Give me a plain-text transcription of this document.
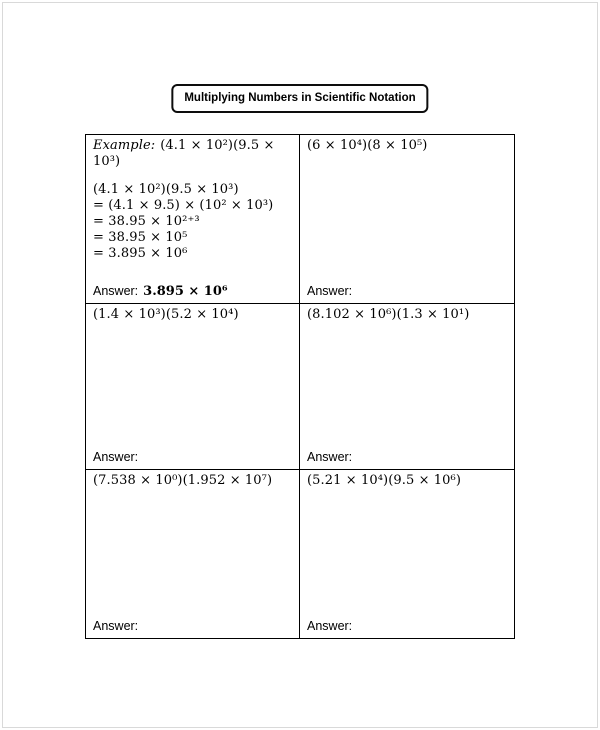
Multiplying Numbers in Scientific Notation
Example: (4.1 × 10²)(9.5 × 10³)
(4.1 × 10²)(9.5 × 10³)
= (4.1 × 9.5) × (10² × 10³)
= 38.95 × 10²⁺³
= 38.95 × 10⁵
= 3.895 × 10⁶
Answer: 3.895 × 10⁶
(6 × 10⁴)(8 × 10⁵)
Answer:
(1.4 × 10³)(5.2 × 10⁴)
Answer:
(8.102 × 10⁶)(1.3 × 10¹)
Answer:
(7.538 × 10⁰)(1.952 × 10⁷)
Answer:
(5.21 × 10⁴)(9.5 × 10⁶)
Answer:
